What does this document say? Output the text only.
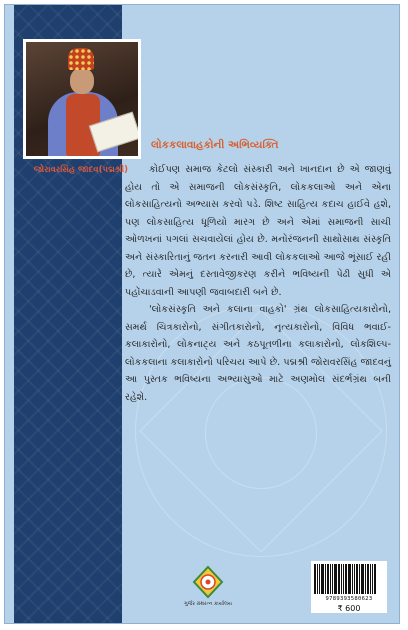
જોરાવરસિંહ જાદવ(પદ્મશ્રી)
લોકકલાવાહકોની અભિવ્યક્તિ

કોઈપણ સમાજ કેટલો સંસ્કારી અને ખાનદાન છે એ જાણવું હોય તો એ સમાજની લોકસંસ્કૃતિ, લોકકલાઓ અને એના લોકસાહિત્યનો અભ્યાસ કરવો પડે. શિષ્ટ સાહિત્ય કદાચ હાઈવે હશે, પણ લોકસાહિત્ય ધૂળિયો મારગ છે અને એમાં સમાજની સાચી ઓળખનાં પગલાં સચવાયેલાં હોય છે. મનોરંજનની સાથોસાથ સંસ્કૃતિ અને સંસ્કારિતાનું જતન કરનારી આવી લોકકલાઓ આજે ભૂંસાઈ રહી છે, ત્યારે એમનું દસ્તાવેજીકરણ કરીને ભવિષ્યની પેઢી સુધી એ પહોંચાડવાની આપણી જવાબદારી બને છે.

'લોકસંસ્કૃતિ અને કલાના વાહકો' ગ્રંથ લોકસાહિત્યકારોનો, સમર્થ ચિત્રકારોનો, સંગીતકારોનો, નૃત્યકારોનો, વિવિધ ભવાઈ- કલાકારોનો, લોકનાટ્ય અને કઠપૂતળીના કલાકારોનો, લોકશિલ્પ-લોકકલાના કલાકારોનો પરિચય આપે છે. પદ્મશ્રી જોરાવરસિંહ જાદવનું આ પુસ્તક ભવિષ્યના અભ્યાસુઓ માટે અણમોલ સંદર્ભગ્રંથ બની રહેશે.

ગુર્જર ગ્રંથરત્ન કાર્યાલય
9789393580623
₹ 600
